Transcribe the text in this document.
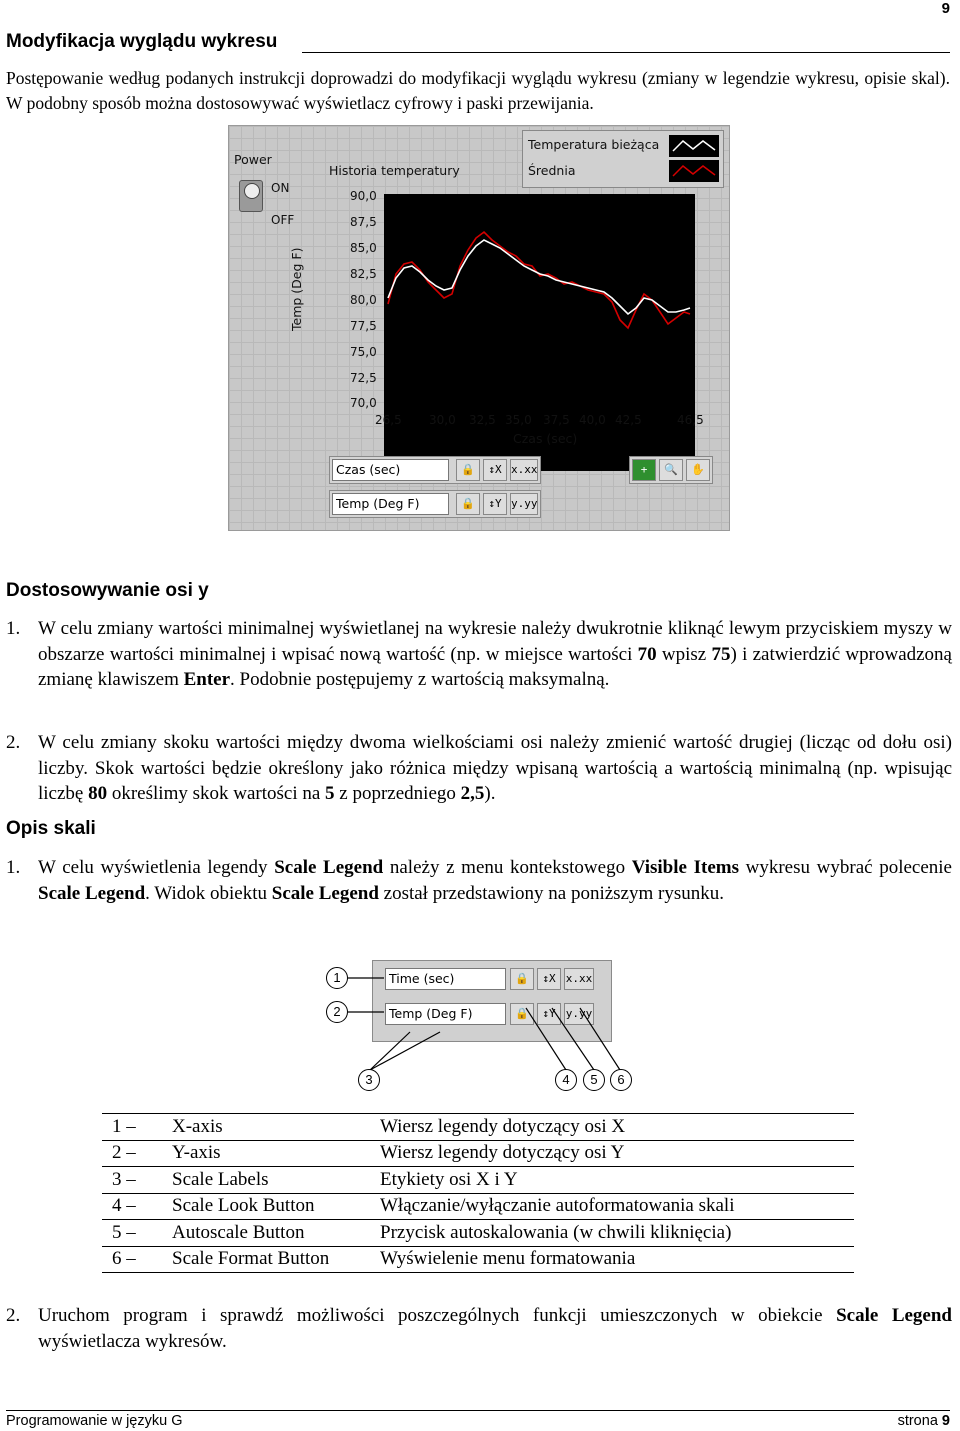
9
Modyfikacja wyglądu wykresu
Postępowanie według podanych instrukcji doprowadzi do modyfikacji wyglądu wykresu (zmiany w legendzie wykresu, opisie skal). W podobny sposób można dostosowywać wyświetlacz cyfrowy i paski przewijania.
Power
ON
OFF
Historia temperatury
Temperatura bieżąca
Średnia
Temp (Deg F)
90,0
87,5
85,0
82,5
80,0
77,5
75,0
72,5
70,0
26,5 30,0 32,5 35,0 37,5 40,0 42,5	46,5
Czas (sec)
Czas (sec)	🔒	↕X x.xx
Temp (Deg F)	🔒	↕Y y.yy
+	🔍	✋
Dostosowywanie osi y
1. W celu zmiany wartości minimalnej wyświetlanej na wykresie należy dwukrotnie kliknąć lewym przyciskiem myszy w obszarze wartości minimalnej i wpisać nową wartość (np. w miejsce wartości 70 wpisz 75) i zatwierdzić wprowadzoną zmianę klawiszem Enter. Podobnie postępujemy z wartością maksymalną.
2. W celu zmiany skoku wartości między dwoma wielkościami osi należy zmienić wartość drugiej (licząc od dołu osi) liczby. Skok wartości będzie określony jako różnica między wpisaną wartością a wartością minimalną (np. wpisując liczbę 80 określimy skok wartości na 5 z poprzedniego 2,5).
Opis skali
1. W celu wyświetlenia legendy Scale Legend należy z menu kontekstowego Visible Items wykresu wybrać polecenie Scale Legend. Widok obiektu Scale Legend został przedstawiony na poniższym rysunku.
Time (sec)	🔒	↕X x.xx
Temp (Deg F)	🔒	↕Y y.yy
1
2
3	4	5	6
1 –	X-axis	Wiersz legendy dotyczący osi X
2 –	Y-axis	Wiersz legendy dotyczący osi Y
3 –	Scale Labels	Etykiety osi X i Y
4 –	Scale Look Button	Włączanie/wyłączanie autoformatowania skali
5 –	Autoscale Button	Przycisk autoskalowania (w chwili kliknięcia)
6 –	Scale Format Button	Wyświelenie menu formatowania
2. Uruchom program i sprawdź możliwości poszczególnych funkcji umieszczonych w obiekcie Scale Legend wyświetlacza wykresów.
Programowanie w języku G	strona 9
